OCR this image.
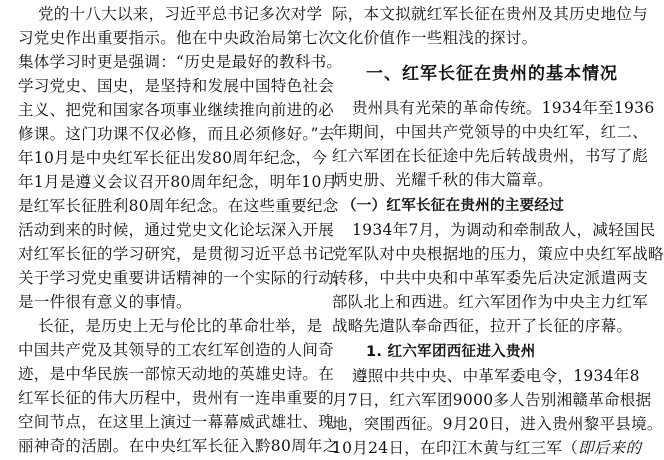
党的十八大以来，习近平总书记多次对学
习党史作出重要指示。他在中央政治局第七次
集体学习时更是强调：“历史是最好的教科书。
学习党史、国史，是坚持和发展中国特色社会
主义、把党和国家各项事业继续推向前进的必
修课。这门功课不仅必修，而且必须修好。”去
年10月是中央红军长征出发80周年纪念，今
年1月是遵义会议召开80周年纪念，明年10月
是红军长征胜利80周年纪念。在这些重要纪念
活动到来的时候，通过党史文化论坛深入开展
对红军长征的学习研究，是贯彻习近平总书记
关于学习党史重要讲话精神的一个实际的行动，
是一件很有意义的事情。
长征，是历史上无与伦比的革命壮举，是
中国共产党及其领导的工农红军创造的人间奇
迹，是中华民族一部惊天动地的英雄史诗。在
红军长征的伟大历程中，贵州有一连串重要的
空间节点，在这里上演过一幕幕威武雄壮、瑰
丽神奇的活剧。在中央红军长征入黔80周年之
际，本文拟就红军长征在贵州及其历史地位与
文化价值作一些粗浅的探讨。
一、红军长征在贵州的基本情况
贵州具有光荣的革命传统。1934年至1936
年期间，中国共产党领导的中央红军，红二、
红六军团在长征途中先后转战贵州，书写了彪
炳史册、光耀千秋的伟大篇章。
（一）红军长征在贵州的主要经过
1934年7月，为调动和牵制敌人，减轻国民
党军队对中央根据地的压力，策应中央红军战略
转移，中共中央和中革军委先后决定派遣两支
部队北上和西进。红六军团作为中央主力红军
战略先遣队奉命西征，拉开了长征的序幕。
1. 红六军团西征进入贵州
遵照中共中央、中革军委电令，1934年8
月7日，红六军团9000多人告别湘赣革命根据
地，突围西征。9月20日，进入贵州黎平县境。
10月24日，在印江木黄与红三军（即后来的
